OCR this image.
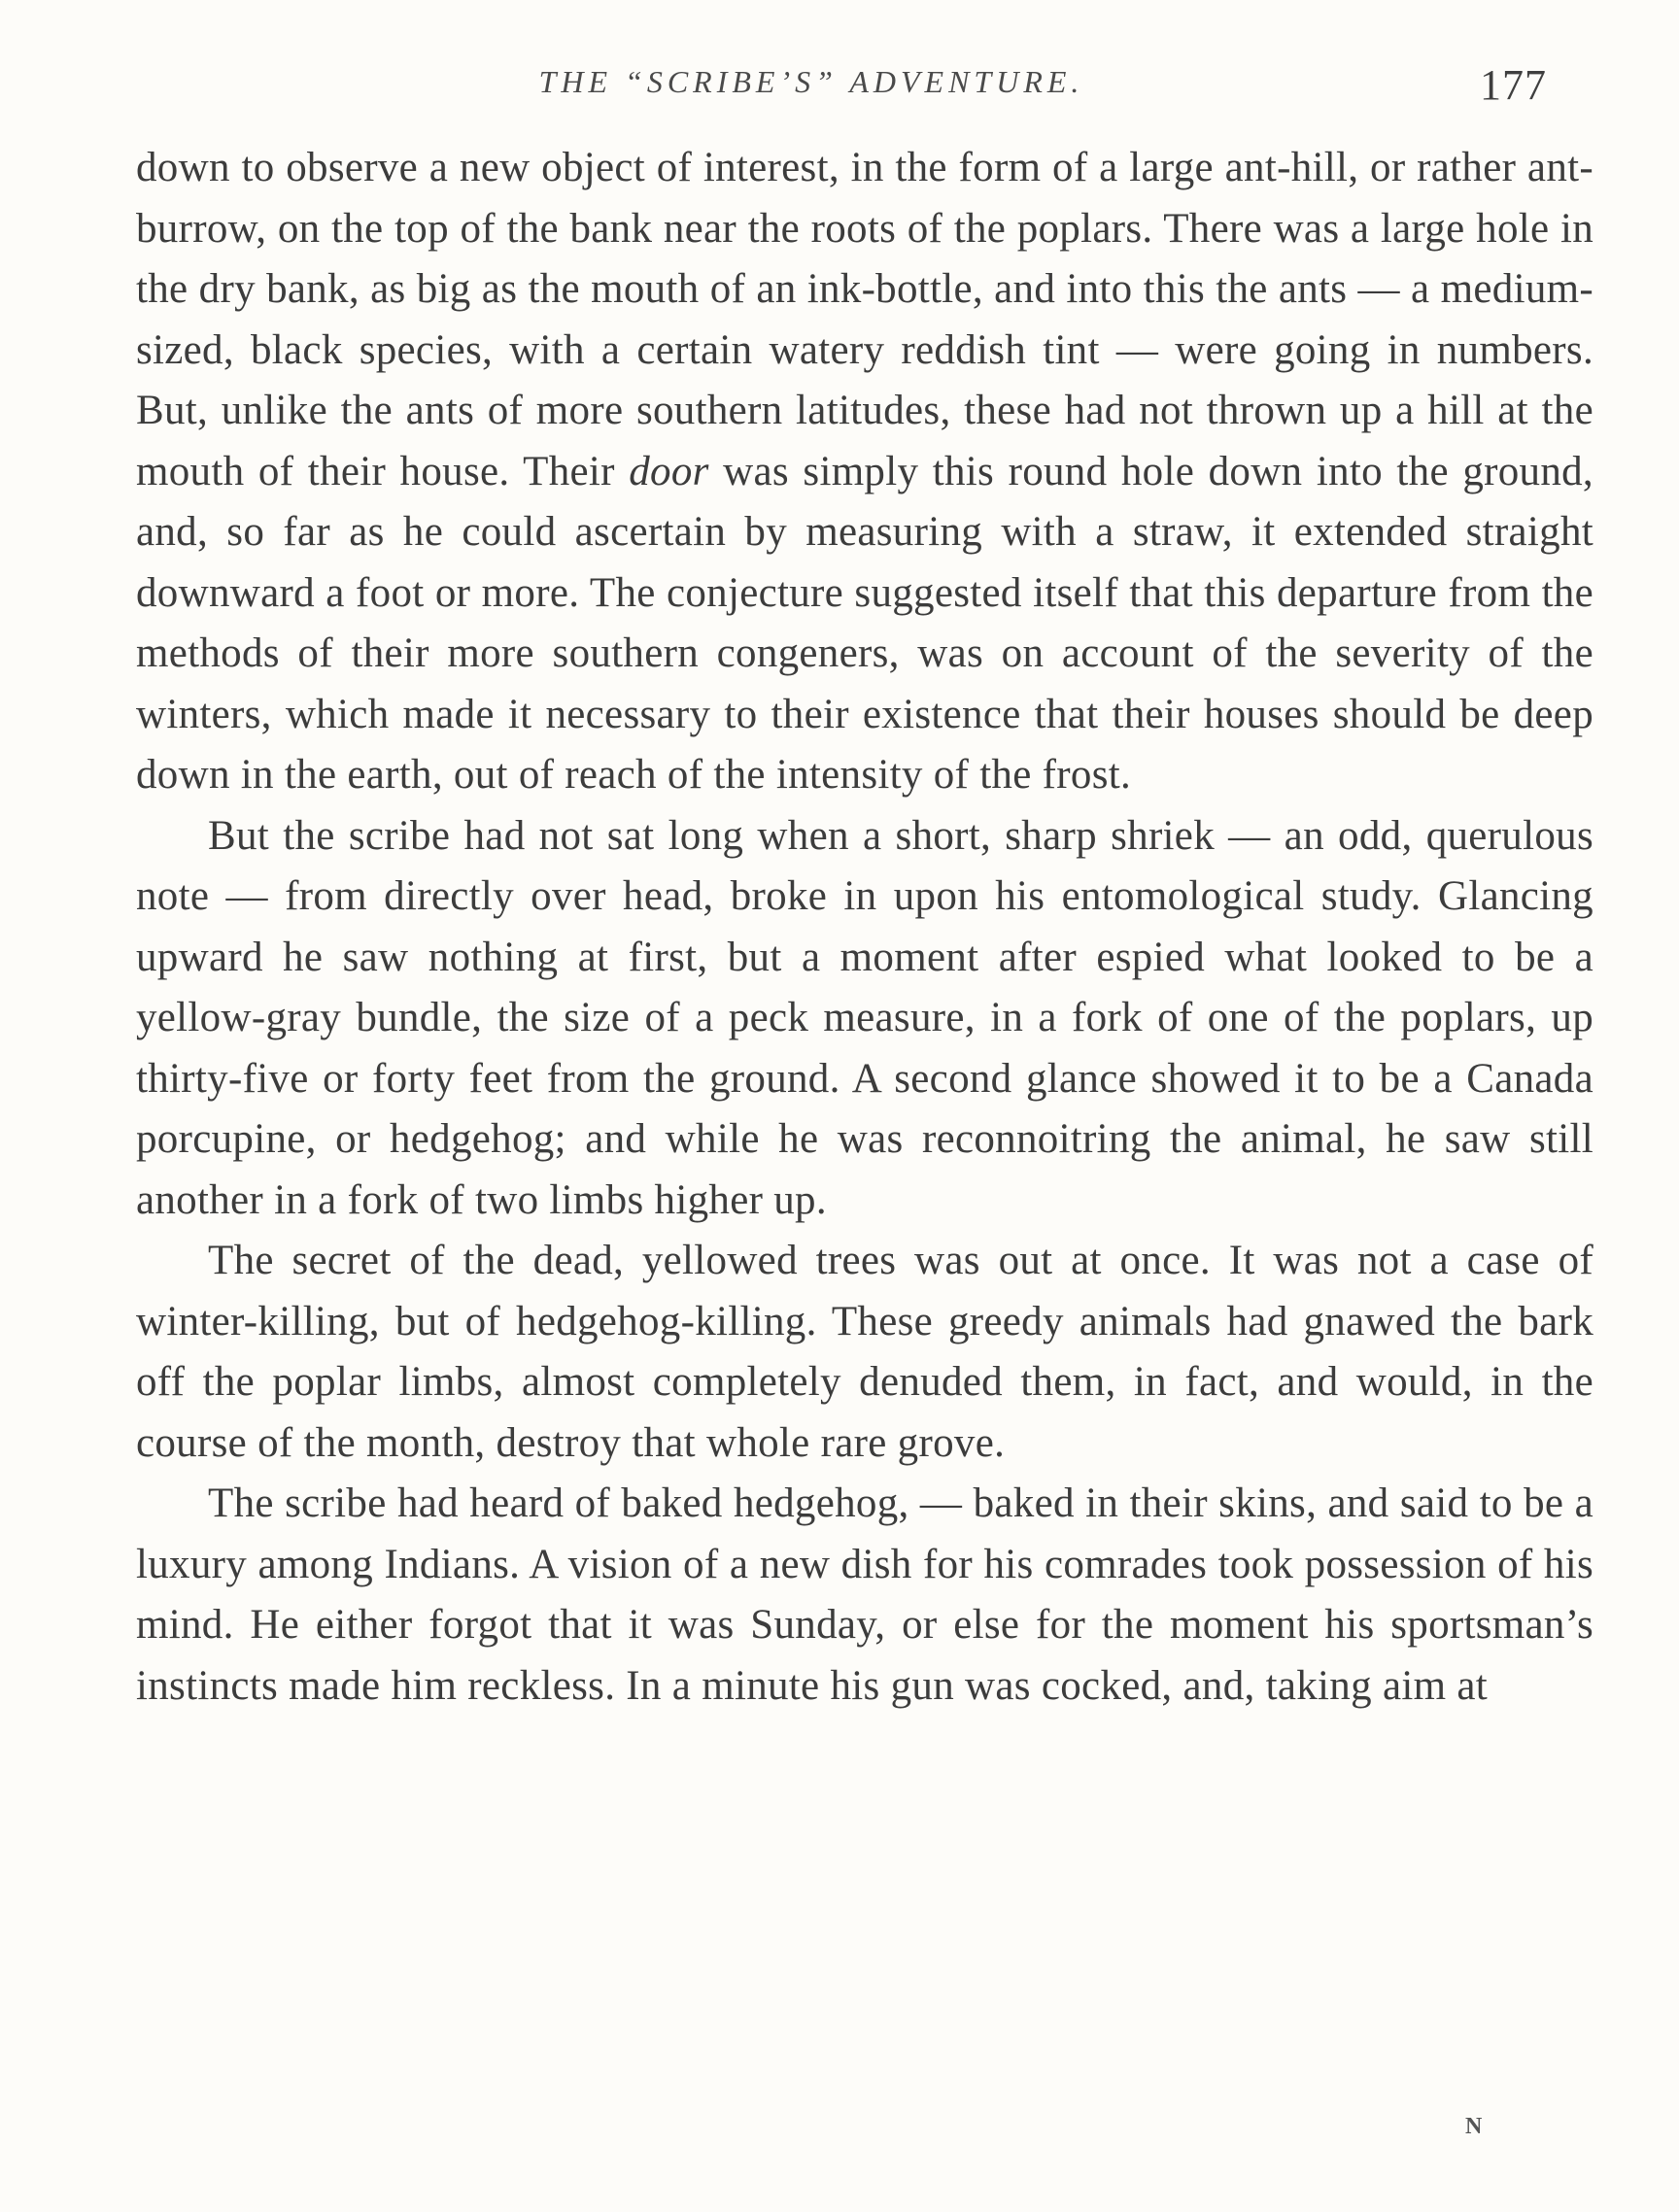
THE “SCRIBE’S” ADVENTURE.	177

down to observe a new object of interest, in the form of a large ant-hill, or rather ant-burrow, on the top of the bank near the roots of the poplars. There was a large hole in the dry bank, as big as the mouth of an ink-bottle, and into this the ants — a medium-sized, black species, with a certain watery reddish tint — were going in numbers. But, unlike the ants of more southern latitudes, these had not thrown up a hill at the mouth of their house. Their door was simply this round hole down into the ground, and, so far as he could ascertain by measuring with a straw, it extended straight downward a foot or more. The conjecture suggested itself that this departure from the methods of their more southern congeners, was on account of the severity of the winters, which made it necessary to their existence that their houses should be deep down in the earth, out of reach of the intensity of the frost.

But the scribe had not sat long when a short, sharp shriek — an odd, querulous note — from directly over head, broke in upon his entomological study. Glancing upward he saw nothing at first, but a moment after espied what looked to be a yellow-gray bundle, the size of a peck measure, in a fork of one of the poplars, up thirty-five or forty feet from the ground. A second glance showed it to be a Canada porcupine, or hedgehog; and while he was reconnoitring the animal, he saw still another in a fork of two limbs higher up.

The secret of the dead, yellowed trees was out at once. It was not a case of winter-killing, but of hedgehog-killing. These greedy animals had gnawed the bark off the poplar limbs, almost completely denuded them, in fact, and would, in the course of the month, destroy that whole rare grove.

The scribe had heard of baked hedgehog, — baked in their skins, and said to be a luxury among Indians. A vision of a new dish for his comrades took possession of his mind. He either forgot that it was Sunday, or else for the moment his sportsman’s instincts made him reckless. In a minute his gun was cocked, and, taking aim at

N
